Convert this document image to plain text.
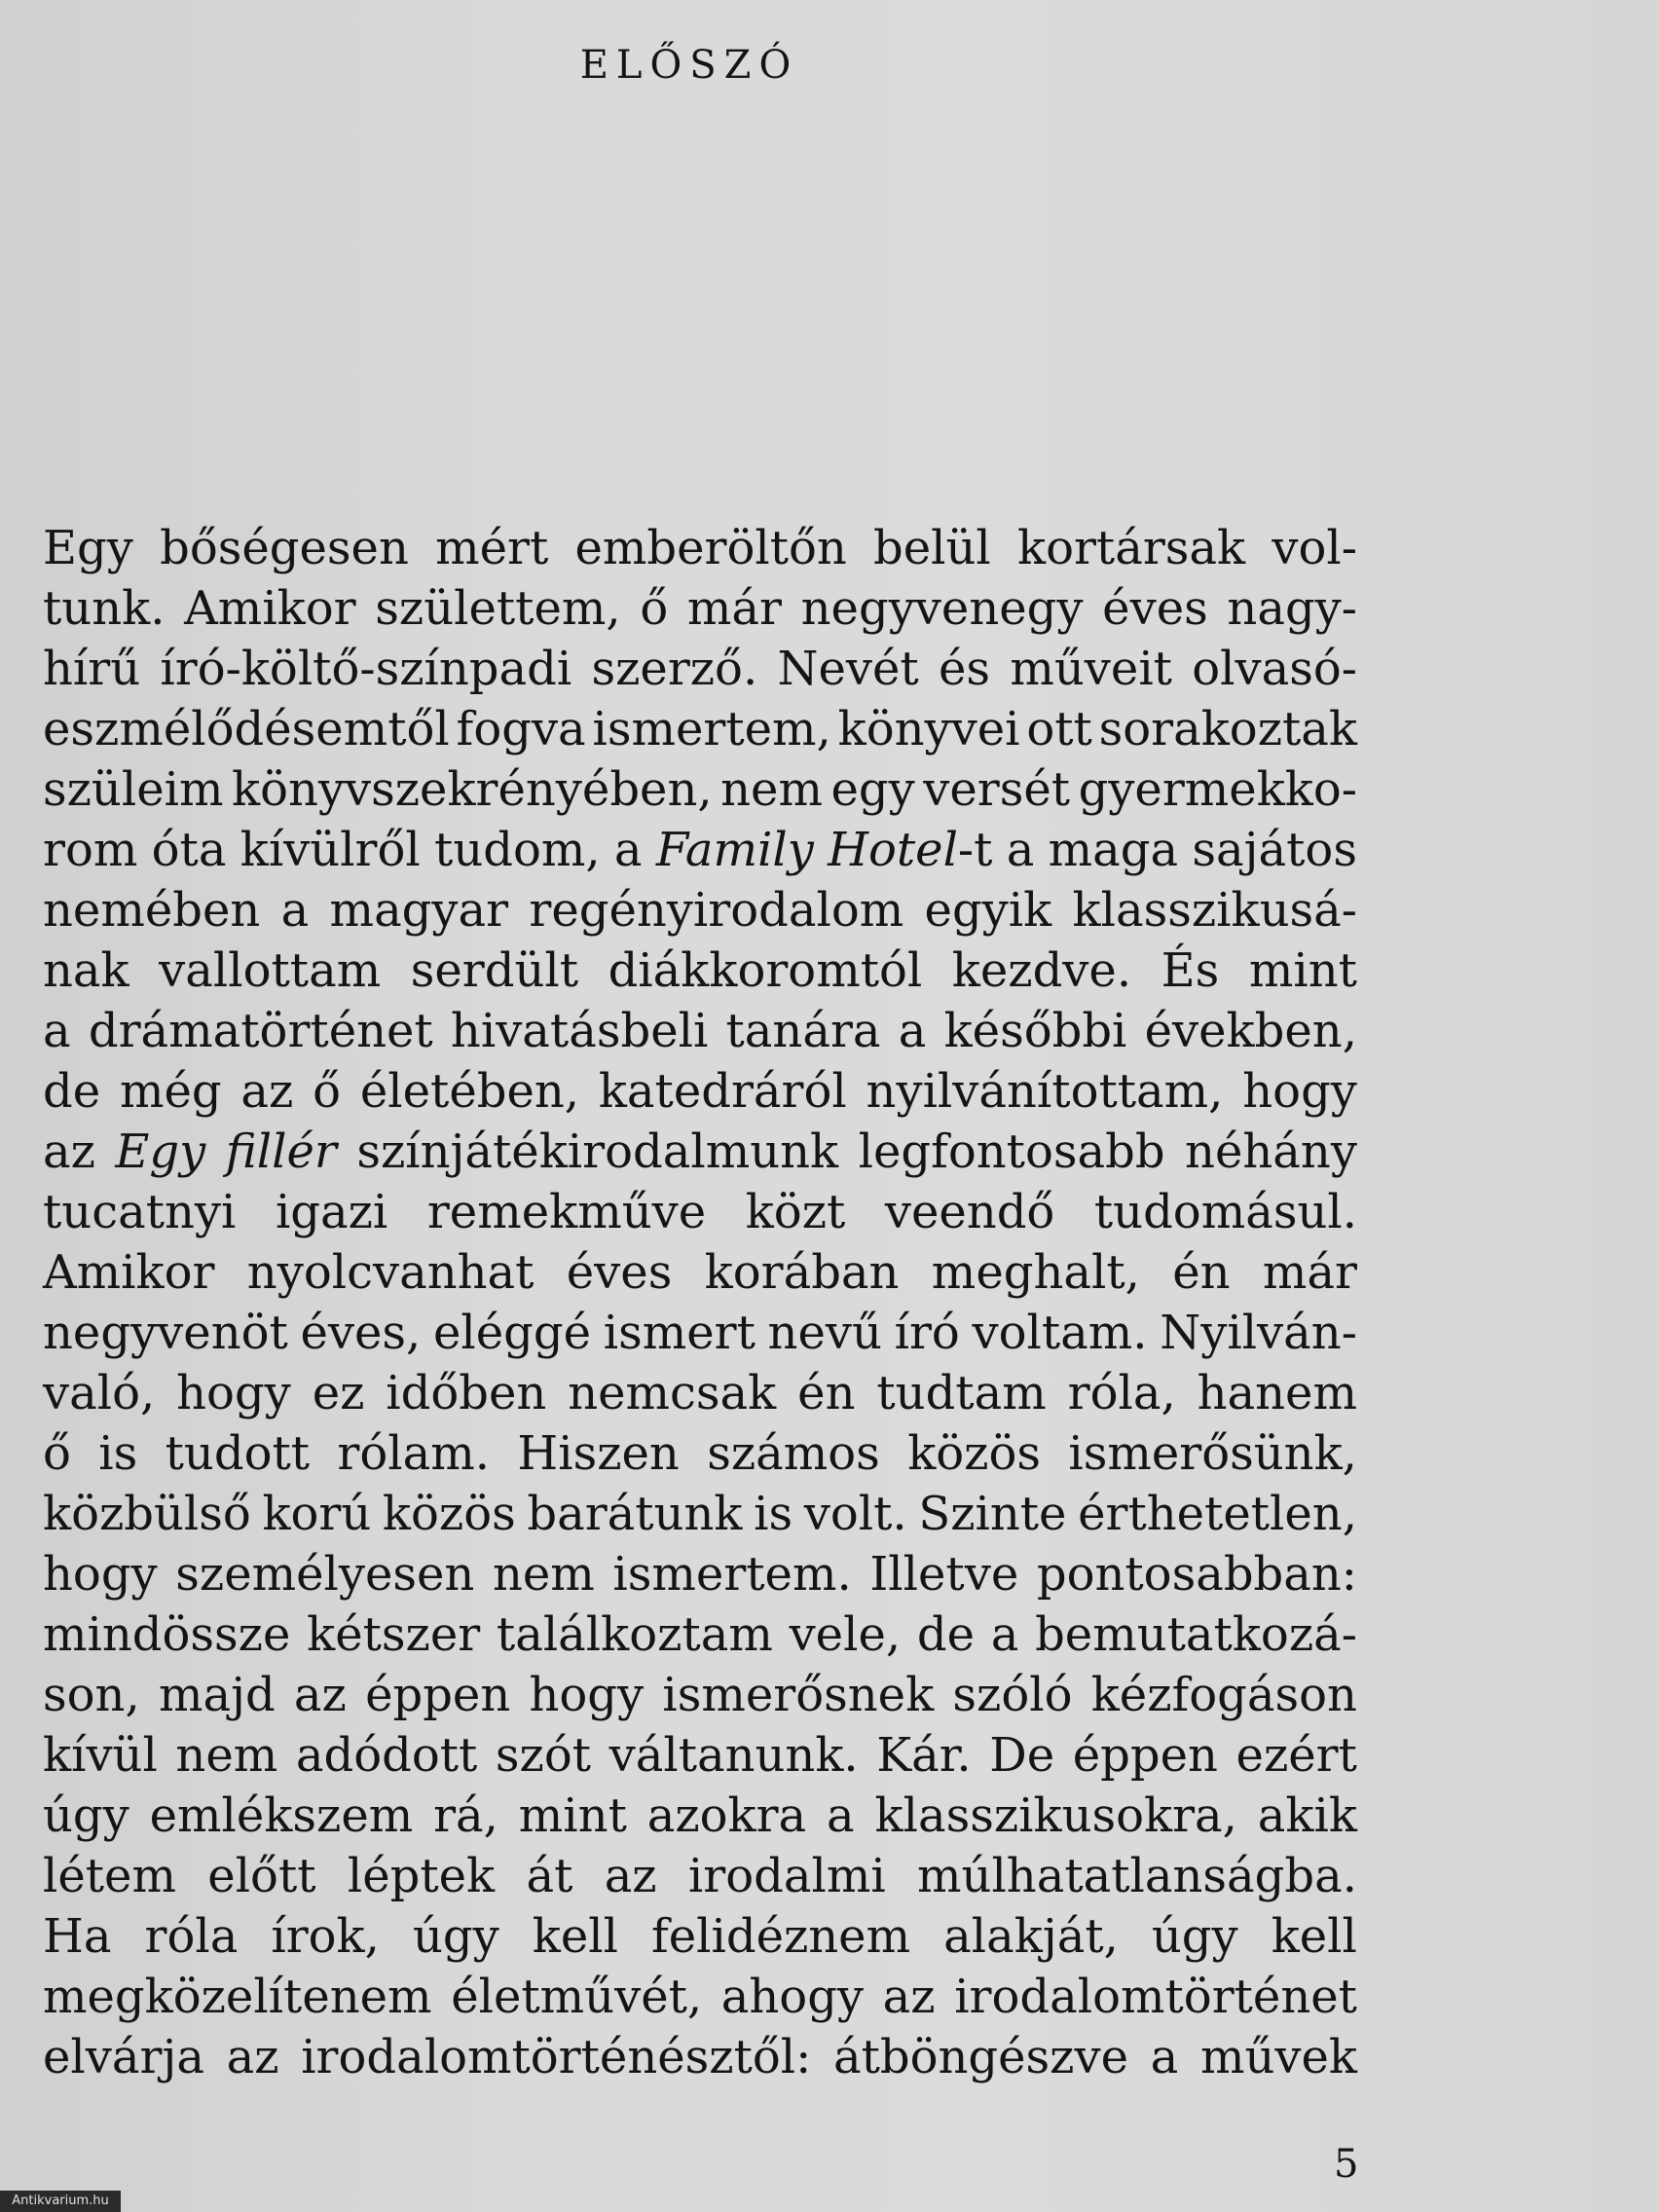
ELŐSZÓ
Egy bőségesen mért emberöltőn belül kortársak vol-
tunk. Amikor születtem, ő már negyvenegy éves nagy-
hírű író-költő-színpadi szerző. Nevét és műveit olvasó-
eszmélődésemtől fogva ismertem, könyvei ott sorakoztak
szüleim könyvszekrényében, nem egy versét gyermekko-
rom óta kívülről tudom, a Family Hotel-t a maga sajátos
nemében a magyar regényirodalom egyik klasszikusá-
nak vallottam serdült diákkoromtól kezdve. És mint
a drámatörténet hivatásbeli tanára a későbbi években,
de még az ő életében, katedráról nyilvánítottam, hogy
az Egy fillér színjátékirodalmunk legfontosabb néhány
tucatnyi igazi remekműve közt veendő tudomásul.
Amikor nyolcvanhat éves korában meghalt, én már
negyvenöt éves, eléggé ismert nevű író voltam. Nyilván-
való, hogy ez időben nemcsak én tudtam róla, hanem
ő is tudott rólam. Hiszen számos közös ismerősünk,
közbülső korú közös barátunk is volt. Szinte érthetetlen,
hogy személyesen nem ismertem. Illetve pontosabban:
mindössze kétszer találkoztam vele, de a bemutatkozá-
son, majd az éppen hogy ismerősnek szóló kézfogáson
kívül nem adódott szót váltanunk. Kár. De éppen ezért
úgy emlékszem rá, mint azokra a klasszikusokra, akik
létem előtt léptek át az irodalmi múlhatatlanságba.
Ha róla írok, úgy kell felidéznem alakját, úgy kell
megközelítenem életművét, ahogy az irodalomtörténet
elvárja az irodalomtörténésztől: átböngészve a művek
5
Antikvarium.hu
